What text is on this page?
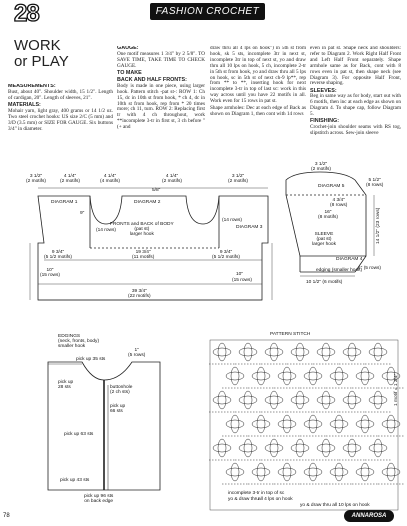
FASHION CROCHET
28
WORK
or PLAY

MEASUREMENTS:
Bust, about 40". Shoulder width, 15 1/2". Length of cardigan, 20". Length of sleeves, 21".

MATERIALS:
Mohair yarn, light gray, 400 grams or 14 1/2 oz. Two steel crochet hooks: US size 2/C (5 mm) and 3/D (3.5 mm) or SIZE FOR GAUGE. Six buttons 3/4" in diameter.

GAUGE:
One motif measures 1 3/4" by 2 5/8". TO SAVE TIME, TAKE TIME TO CHECK GAUGE.

TO MAKE

BACK AND HALF FRONTS:
Body is made in one piece, using larger hook. Pattern stitch -pat st-: ROW 1: Ch 15, dc in 10th st from hook, * ch 4, dc in 10th st from hook, rep from * 20 times more; ch 11, turn. ROW 2: Replacing first tr with 4 ch throughout, work **incomplete 3-tr in first st, 3 ch before "(+ and

draw thru all 4 lps on hook") in 5th st from hook, sk 5 sts, incomplete 3tr in next st, incomplete 3tr in top of next st, yo and draw thru all 10 lps on hook, 5 ch, incomplete 2-tr in 5th st from hook, yo and draw thru all 5 lps on hook, sc in 5th st of next ch-9 lp**, rep from ** to **, inserting hook for next incomplete 3-tr in top of last sc: work in this way across until you have 22 motifs in all. Work even for 15 rows in pat st.

Shape armholes: Dec at each edge of Back as shown on Diagram 1, then cont with 14 rows

even in pat st. Shape neck and shoulders: refer to Diagram 2. Work Right Half Front and Left Half Front separately. Shape armhole same as for Back, cont with 8 rows even in pat st, then shape neck (see Diagram 3). For opposite Half Front, reverse shaping.

SLEEVES:
Beg in same way as for body, start out with 6 motifs, then inc at each edge as shown on Diagram 4. To shape cap, follow Diagram 5.

FINISHING:
Crochet-join shoulder seams with RS tog, slipstitch across. Sew-join sleeve

3 1/2"
(2 motifs)
4 1/4"
(2 motifs)
4 1/4"
(4 motifs)
4 1/4"
(2 motifs)
3 1/2"
(2 motifs)
5/8"
DIAGRAM 1	DIAGRAM 2
DIAGRAM 3
FRONTS and BACK of BODY
(pat st)
larger hook
9"
(14 rows)
(14 rows)
9 3/4"
(5 1/2 motifs)
19 3/4"
(11 motifs)
9 3/4"
(5 1/2 motifs)
10"
(15 rows)
39 3/4"
(22 motifs)
(15 rows)
10"
3 1/2"
(2 motifs)
DIAGRAM 5
4 3/4"
(8 rows)
5 1/2"
(8 rows)
16"
(8 motifs)
SLEEVE
(pat st)
larger hook
DIAGRAM 4
14 1/2" (23 rows)
10 1/2" (6 motifs)
edging (smaller hook)
1" (5 rows)
EDGINGS
(neck, fronts, body)
smaller hook
pick up 35 sts
1"
(5 rows)
pick up
28 sts	buttonhole
(2 ch sts)
pick up
66 sts
pick up 63 sts
pick up 43 sts
pick up 96 sts
on back edge
PATTERN STITCH
1 motif = 1 3/4"
incomplete 3-tr in top of sc
yo & draw thru all 4 lps on hook
yo & draw thru all 10 lps on hook
78	ANNAROSA
